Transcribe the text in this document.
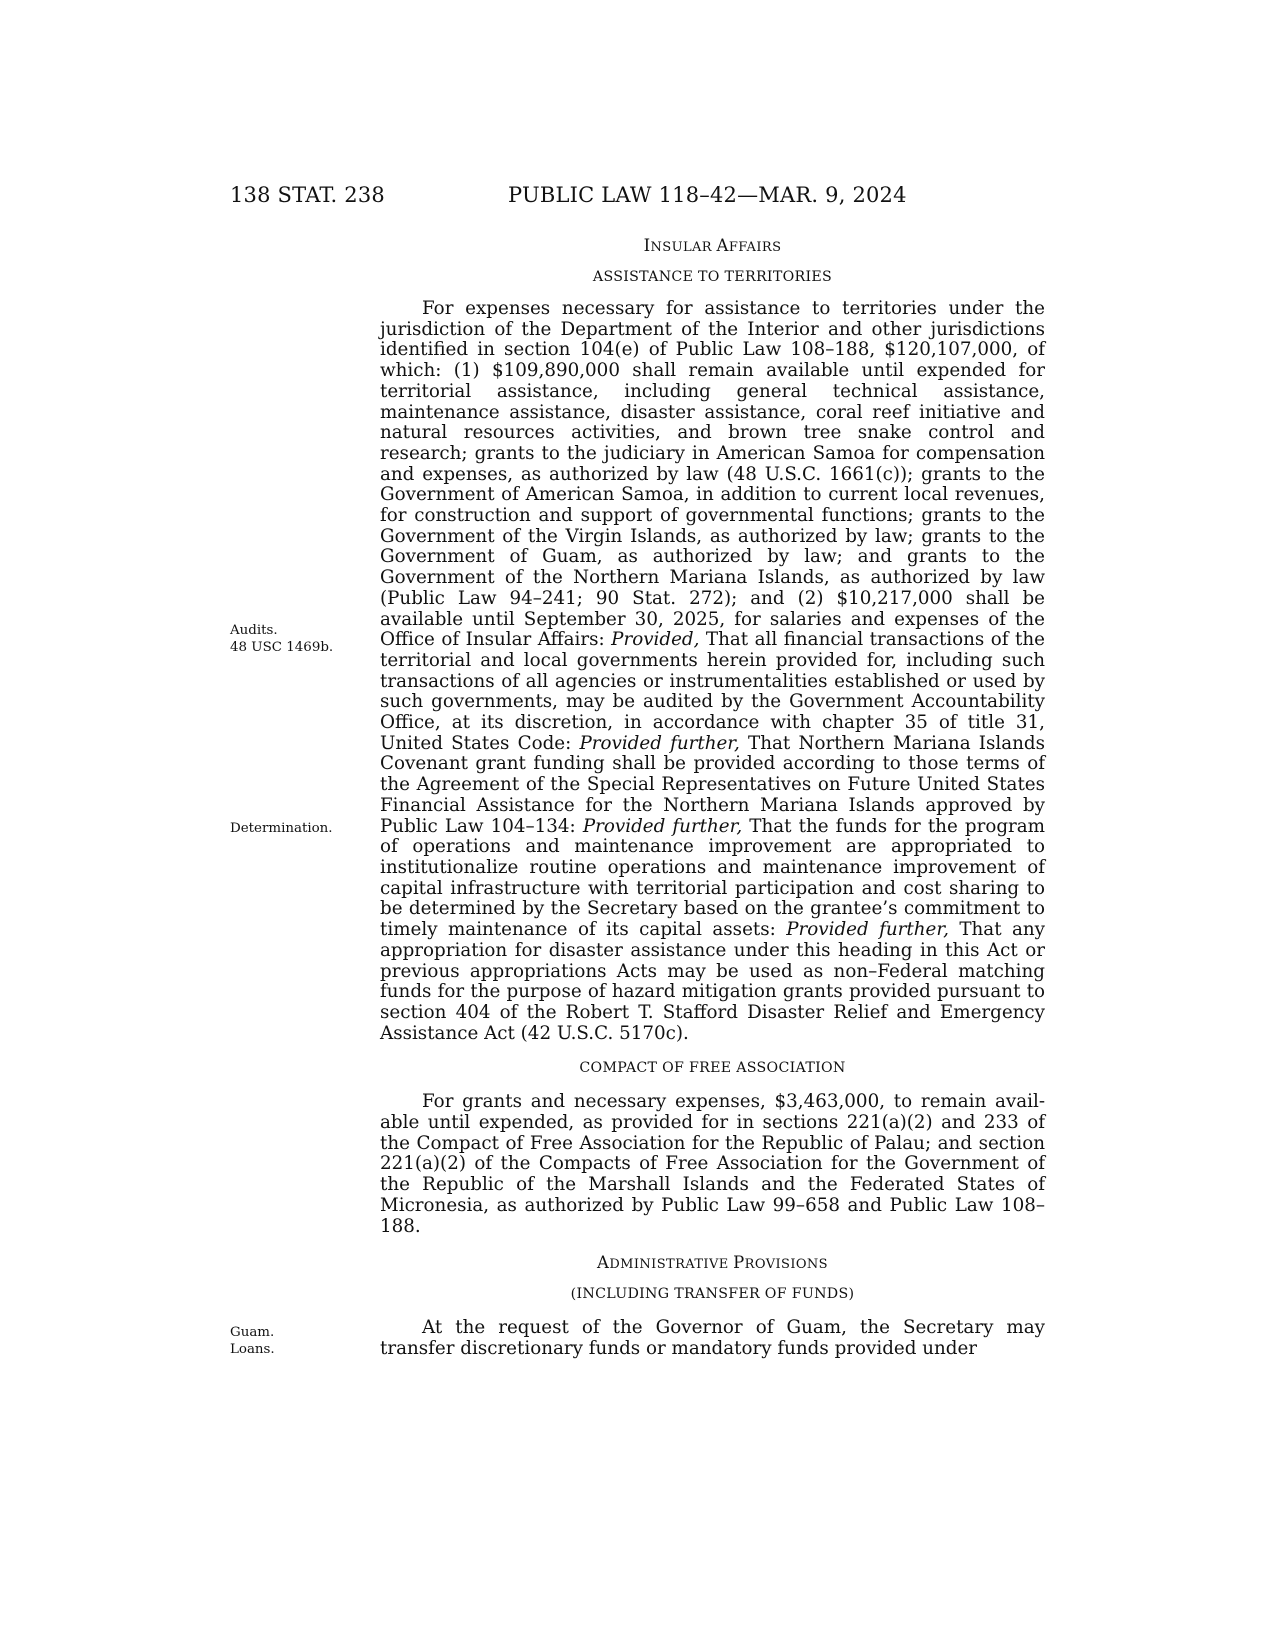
138 STAT. 238	PUBLIC LAW 118–42—MAR. 9, 2024
Audits.
48 USC 1469b.
Determination.
Guam.
Loans.
INSULAR AFFAIRS
ASSISTANCE TO TERRITORIES

For expenses necessary for assistance to territories under the jurisdiction of the Department of the Interior and other jurisdictions identified in section 104(e) of Public Law 108–188, $120,107,000, of which: (1) $109,890,000 shall remain available until expended for territorial assistance, including general technical assistance, maintenance assistance, disaster assistance, coral reef initiative and natural resources activities, and brown tree snake control and research; grants to the judiciary in American Samoa for compensation and expenses, as authorized by law (48 U.S.C. 1661(c)); grants to the Government of American Samoa, in addition to current local revenues, for construction and support of governmental functions; grants to the Government of the Virgin Islands, as authorized by law; grants to the Government of Guam, as authorized by law; and grants to the Government of the Northern Mariana Islands, as authorized by law (Public Law 94–241; 90 Stat. 272); and (2) $10,217,000 shall be available until September 30, 2025, for salaries and expenses of the Office of Insular Affairs: Provided, That all financial transactions of the territorial and local governments herein provided for, including such transactions of all agencies or instrumentalities established or used by such governments, may be audited by the Government Accountability Office, at its discretion, in accordance with chapter 35 of title 31, United States Code: Provided further, That Northern Mariana Islands Covenant grant funding shall be provided according to those terms of the Agreement of the Special Representatives on Future United States Financial Assistance for the Northern Mariana Islands approved by Public Law 104–134: Provided further, That the funds for the program of operations and maintenance improvement are appropriated to institutionalize routine operations and maintenance improvement of capital infrastructure with territorial participation and cost sharing to be determined by the Secretary based on the grantee’s commitment to timely maintenance of its capital assets: Provided further, That any appropriation for disaster assistance under this heading in this Act or previous appropriations Acts may be used as non–Federal matching funds for the purpose of hazard mitigation grants provided pursuant to section 404 of the Robert T. Stafford Disaster Relief and Emergency Assistance Act (42 U.S.C. 5170c).

COMPACT OF FREE ASSOCIATION

For grants and necessary expenses, $3,463,000, to remain available until expended, as provided for in sections 221(a)(2) and 233 of the Compact of Free Association for the Republic of Palau; and section 221(a)(2) of the Compacts of Free Association for the Government of the Republic of the Marshall Islands and the Federated States of Micronesia, as authorized by Public Law 99–658 and Public Law 108–188.

ADMINISTRATIVE PROVISIONS
(INCLUDING TRANSFER OF FUNDS)

At the request of the Governor of Guam, the Secretary may transfer discretionary funds or mandatory funds provided under
